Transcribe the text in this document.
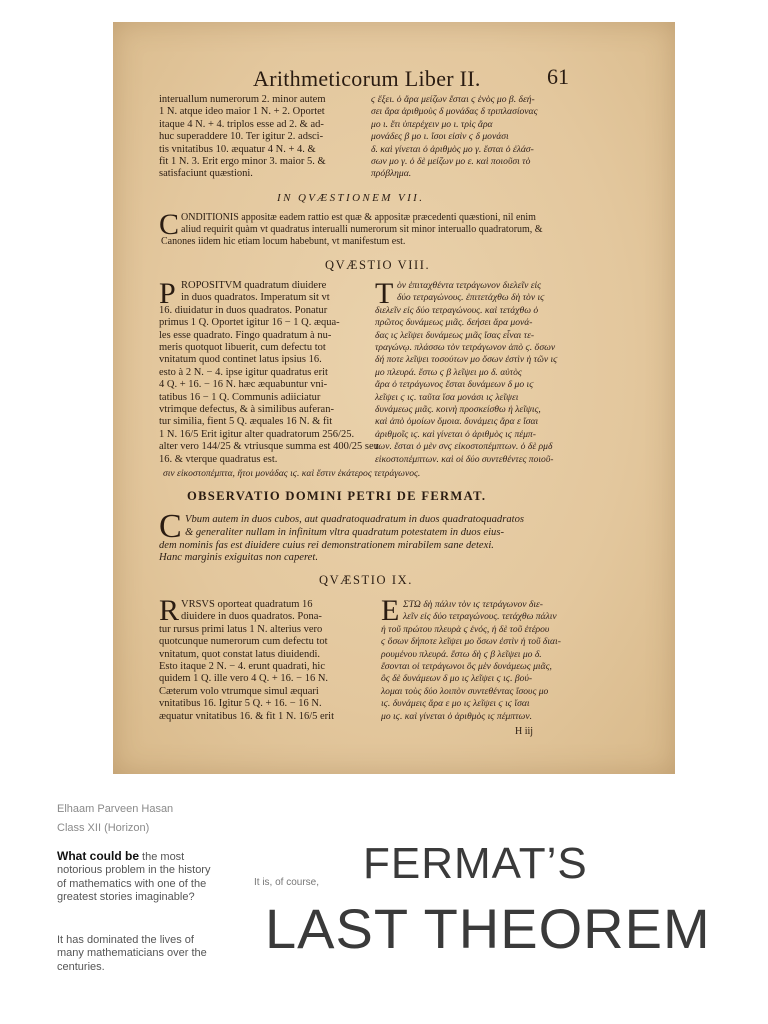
Arithmeticorum Liber II.	61
interuallum numerorum 2. minor autem
1 N. atque ideo maior 1 N. + 2. Oportet
itaque 4 N. + 4. triplos esse ad 2. & ad-
huc superaddere 10. Ter igitur 2. adsci-
tis vnitatibus 10. æquatur 4 N. + 4. &
fit 1 N. 3. Erit ergo minor 3. maior 5. &
satisfaciunt quæstioni.
ϛ ἕξει. ὁ ἄρα μείζων ἔσται ϛ ἑνὸς μο β. δεή-
σει ἄρα ἀριθμοὺς δ μονάδας δ τριπλασίονας
μο ι. ἔτι ὑπερέχειν μο ι. τρὶς ἄρα
μονάδες β μο ι. ἴσοι εἰσὶν ϛ δ μονάσι
δ. καὶ γίνεται ὁ ἀριθμὸς μο γ. ἔσται ὁ ἐλάσ-
σων μο γ. ὁ δὲ μείζων μο ε. καὶ ποιοῦσι τὸ
πρόβλημα.
IN QVÆSTIONEM VII.
C ONDITIONIS appositæ eadem rattio est quæ & appositæ præcedenti quæstioni, nil enim
aliud requirit quàm vt quadratus interualli numerorum sit minor interuallo quadratorum, &
Canones iidem hic etiam locum habebunt, vt manifestum est.
QVÆSTIO VIII.
P ROPOSITVM quadratum diuidere
in duos quadratos. Imperatum sit vt
16. diuidatur in duos quadratos. Ponatur
primus 1 Q. Oportet igitur 16 − 1 Q. æqua-
les esse quadrato. Fingo quadratum à nu-
meris quotquot libuerit, cum defectu tot
vnitatum quod continet latus ipsius 16.
esto à 2 N. − 4. ipse igitur quadratus erit
4 Q. + 16. − 16 N. hæc æquabuntur vni-
tatibus 16 − 1 Q. Communis adiiciatur
vtrimque defectus, & à similibus auferan-
tur similia, fient 5 Q. æquales 16 N. & fit
1 N. 16/5 Erit igitur alter quadratorum 256/25.
alter vero 144/25 & vtriusque summa est 400/25 seu
16. & vterque quadratus est.
T ὸν ἐπιταχθέντα τετράγωνον διελεῖν εἰς
δύο τετραγώνους. ἐπιτετάχθω δὴ τὸν ιϛ
διελεῖν εἰς δύο τετραγώνους. καὶ τετάχθω ὁ
πρῶτος δυνάμεως μιᾶς. δεήσει ἄρα μονά-
δας ιϛ λεῖψει δυνάμεως μιᾶς ἴσας εἶναι τε-
τραγώνῳ. πλάσσω τὸν τετράγωνον ἀπὸ ϛ. ὅσων
δή ποτε λεῖψει τοσούτων μο ὅσων ἐστὶν ἡ τῶν ιϛ
μο πλευρά. ἔστω ϛ β λεῖψει μο δ. αὐτὸς
ἄρα ὁ τετράγωνος ἔσται δυνάμεων δ μο ιϛ
λεῖψει ϛ ιϛ. ταῦτα ἴσα μονάσι ιϛ λεῖψει
δυνάμεως μιᾶς. κοινὴ προσκείσθω ἡ λεῖψις,
καὶ ἀπὸ ὁμοίων ὅμοια. δυνάμεις ἄρα ε ἴσαι
ἀριθμοῖς ιϛ. καὶ γίνεται ὁ ἀριθμὸς ιϛ πέμπ-
των. ἔσται ὁ μὲν σνϛ εἰκοστοπέμπτων. ὁ δὲ ρμδ
εἰκοστοπέμπτων. καὶ οἱ δύο συντεθέντες ποιοῦ-
σιν εἰκοστοπέμπτα, ἤτοι μονάδας ιϛ. καὶ ἔστιν ἑκάτερος τετράγωνος.
OBSERVATIO DOMINI PETRI DE FERMAT.
C Vbum autem in duos cubos, aut quadratoquadratum in duos quadratoquadratos
& generaliter nullam in infinitum vltra quadratum potestatem in duos eius-
dem nominis fas est diuidere cuius rei demonstrationem mirabilem sane detexi.
Hanc marginis exiguitas non caperet.
QVÆSTIO IX.
R VRSVS oporteat quadratum 16
diuidere in duos quadratos. Pona-
tur rursus primi latus 1 N. alterius vero
quotcunque numerorum cum defectu tot
vnitatum, quot constat latus diuidendi.
Esto itaque 2 N. − 4. erunt quadrati, hic
quidem 1 Q. ille vero 4 Q. + 16. − 16 N.
Cæterum volo vtrumque simul æquari
vnitatibus 16. Igitur 5 Q. + 16. − 16 N.
æquatur vnitatibus 16. & fit 1 N. 16/5 erit
E ΣΤΩ δὴ πάλιν τὸν ιϛ τετράγωνον διε-
λεῖν εἰς δύο τετραγώνους. τετάχθω πάλιν
ἡ τοῦ πρώτου πλευρὰ ϛ ἑνός, ἡ δὲ τοῦ ἑτέρου
ϛ ὅσων δήποτε λεῖψει μο ὅσων ἐστὶν ἡ τοῦ διαι-
ρουμένου πλευρά. ἔστω δὴ ϛ β λεῖψει μο δ.
ἔσονται οἱ τετράγωνοι ὃς μὲν δυνάμεως μιᾶς,
ὃς δὲ δυνάμεων δ μο ιϛ λεῖψει ϛ ιϛ. βού-
λομαι τοὺς δύο λοιπὸν συντεθέντας ἴσους μο
ιϛ. δυνάμεις ἄρα ε μο ιϛ λεῖψει ϛ ιϛ ἴσαι
μο ιϛ. καὶ γίνεται ὁ ἀριθμὸς ιϛ πέμπτων.
H iij
Elhaam Parveen Hasan
Class XII (Horizon)

What could be the most notorious problem in the history of mathematics with one of the greatest stories imaginable?

It has dominated the lives of many mathematicians over the centuries.

It is, of course, FERMAT’S
LAST THEOREM
